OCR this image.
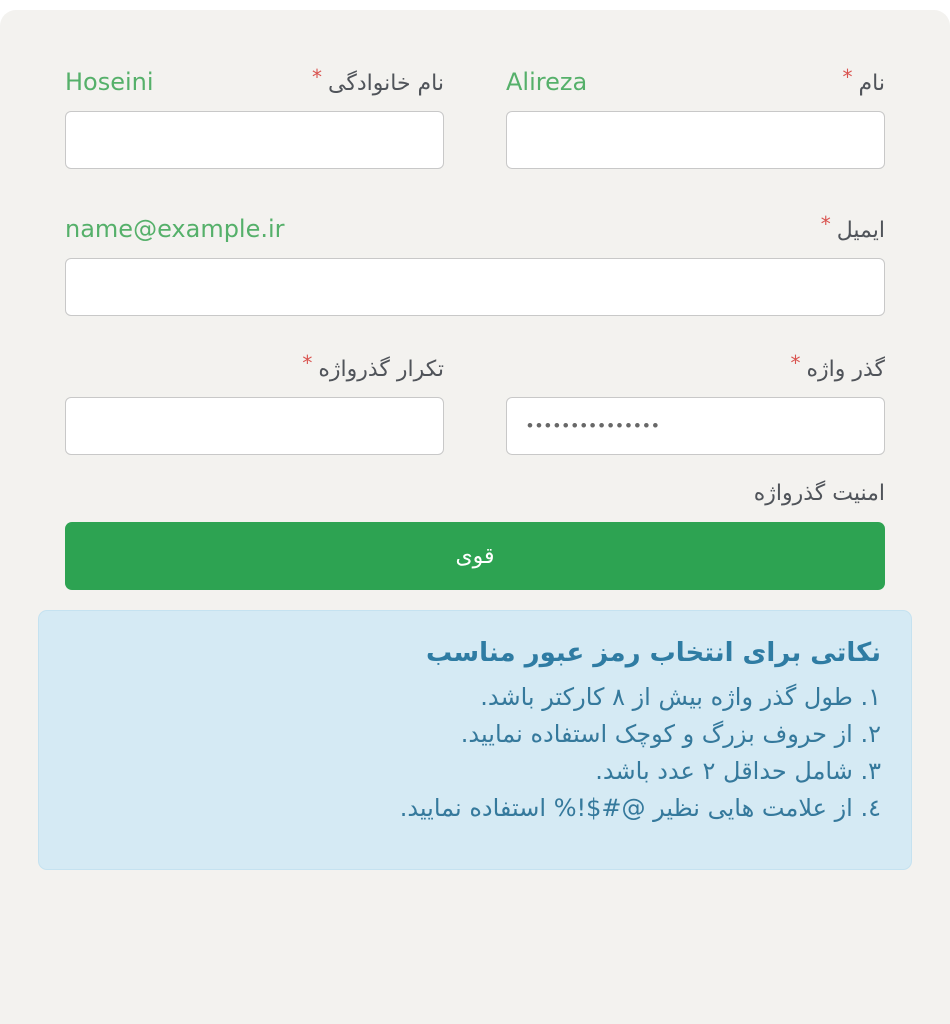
نام*
Alireza
نام خانوادگی*
Hoseini
ایمیل*
name@example.ir
گذر واژه*
•••••••••••••••
تکرار گذرواژه*
امنیت گذرواژه
قوی
نکاتی برای انتخاب رمز عبور مناسب
١. طول گذر واژه بیش از ٨ کارکتر باشد.
٢. از حروف بزرگ و کوچک استفاده نمایید.
٣. شامل حداقل ٢ عدد باشد.
٤. از علامت هایی نظیر @#$!% استفاده نمایید.
